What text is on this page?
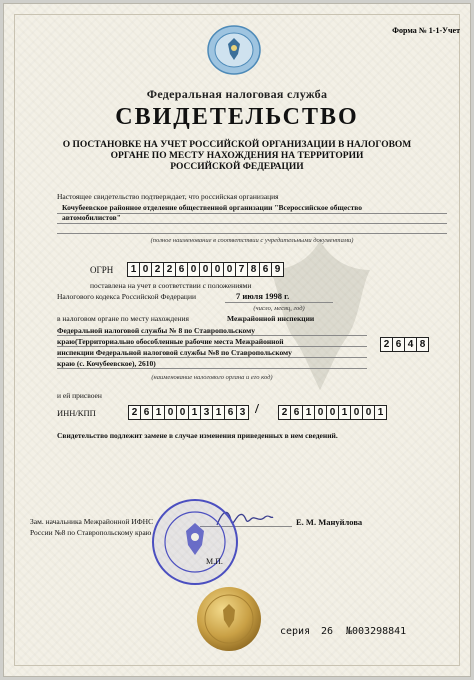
Форма № 1-1-Учет
Федеральная налоговая служба
СВИДЕТЕЛЬСТВО
О ПОСТАНОВКЕ НА УЧЕТ РОССИЙСКОЙ ОРГАНИЗАЦИИ В НАЛОГОВОМ
ОРГАНЕ ПО МЕСТУ НАХОЖДЕНИЯ НА ТЕРРИТОРИИ
РОССИЙСКОЙ ФЕДЕРАЦИИ
Настоящее свидетельство подтверждает, что российская организация
Кочубеевское районное отделение общественной организации "Всероссийское общество
автомобилистов"
(полное наименование в соответствии с учредительными документами)
ОГРН 1 0 2 2 6 0 0 0 0 7 8 6 9
поставлена на учет в соответствии с положениями
Налогового кодекса Российской Федерации	7 июля 1998 г.
(число, месяц, год)
в налоговом органе по месту нахождения	Межрайонной инспекции
Федеральной налоговой службы № 8 по Ставропольскому
краю(Территориально обособленные рабочие места Межрайонной
инспекции Федеральной налоговой службы №8 по Ставропольскому
краю (с. Кочубеевское), 2610)
(наименование налогового органа и его код)
2 6 4 8
и ей присвоен
ИНН/КПП	2 6 1 0 0 1 3 1 6 3 / 2 6 1 0 0 1 0 0 1
Свидетельство подлежит замене в случае изменения приведенных в нем сведений.
Зам. начальника Межрайонной ИФНС
России №8 по Ставропольскому краю
Е. М. Мануйлова
М.П.
серия 26 №003298841
